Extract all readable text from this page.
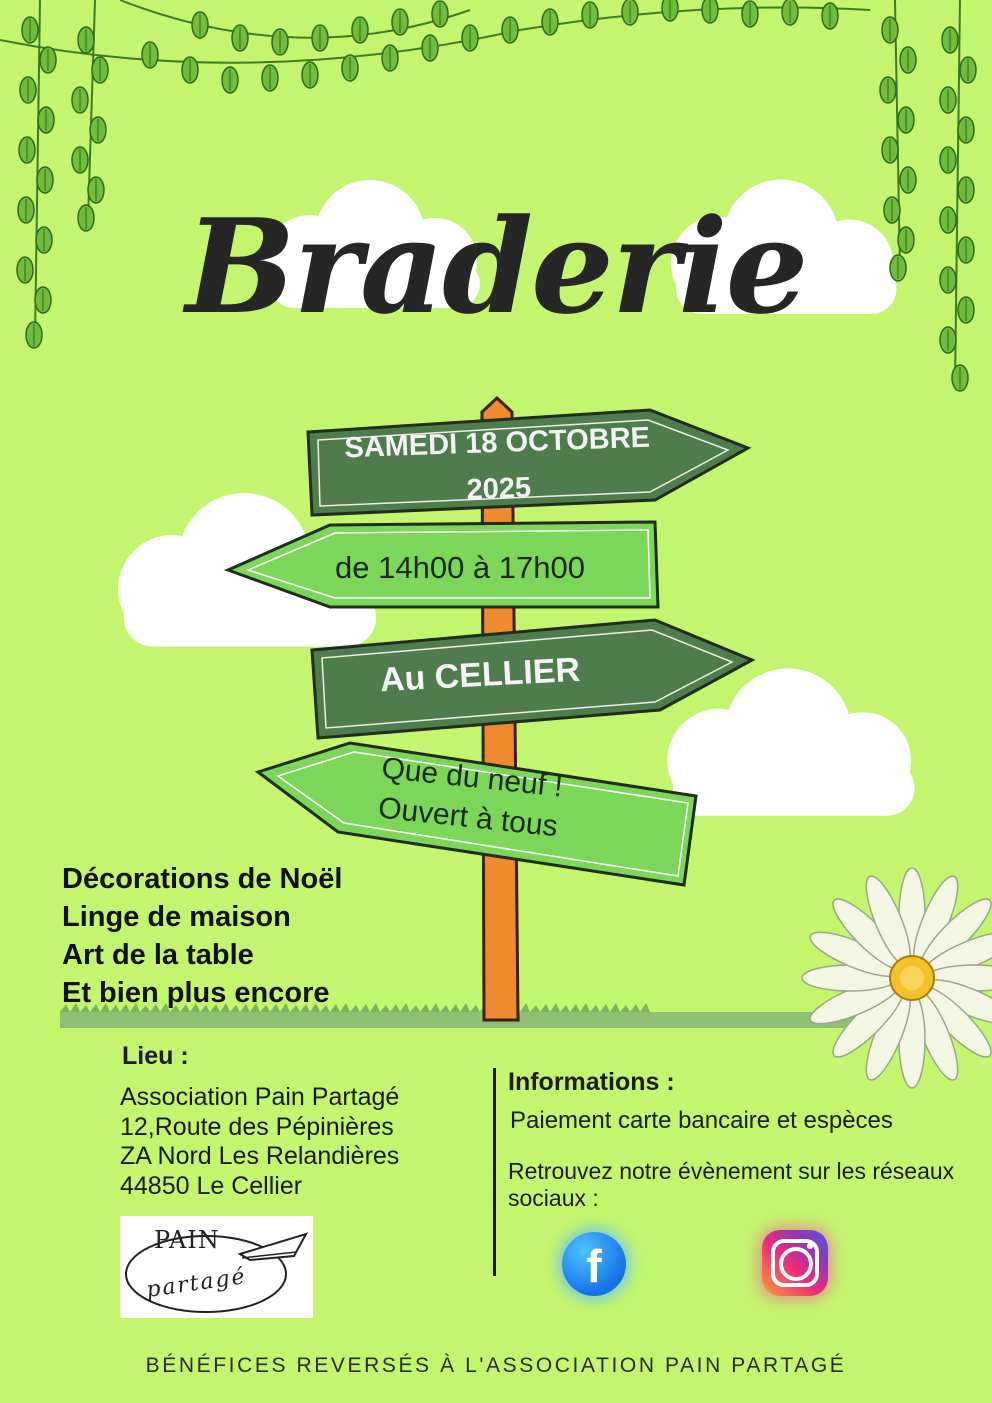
Braderie
SAMEDI 18 OCTOBRE 2025
de 14h00 à 17h00
Au CELLIER
Que du neuf !
Ouvert à tous
Décorations de Noël
Linge de maison
Art de la table
Et bien plus encore
Lieu :
Association Pain Partagé
12,Route des Pépinières
ZA Nord Les Relandières
44850 Le Cellier
PAIN
partagé
Informations :
Paiement carte bancaire et espèces
Retrouvez notre évènement sur les réseaux sociaux :
f
BÉNÉFICES REVERSÉS À L'ASSOCIATION PAIN PARTAGÉ
